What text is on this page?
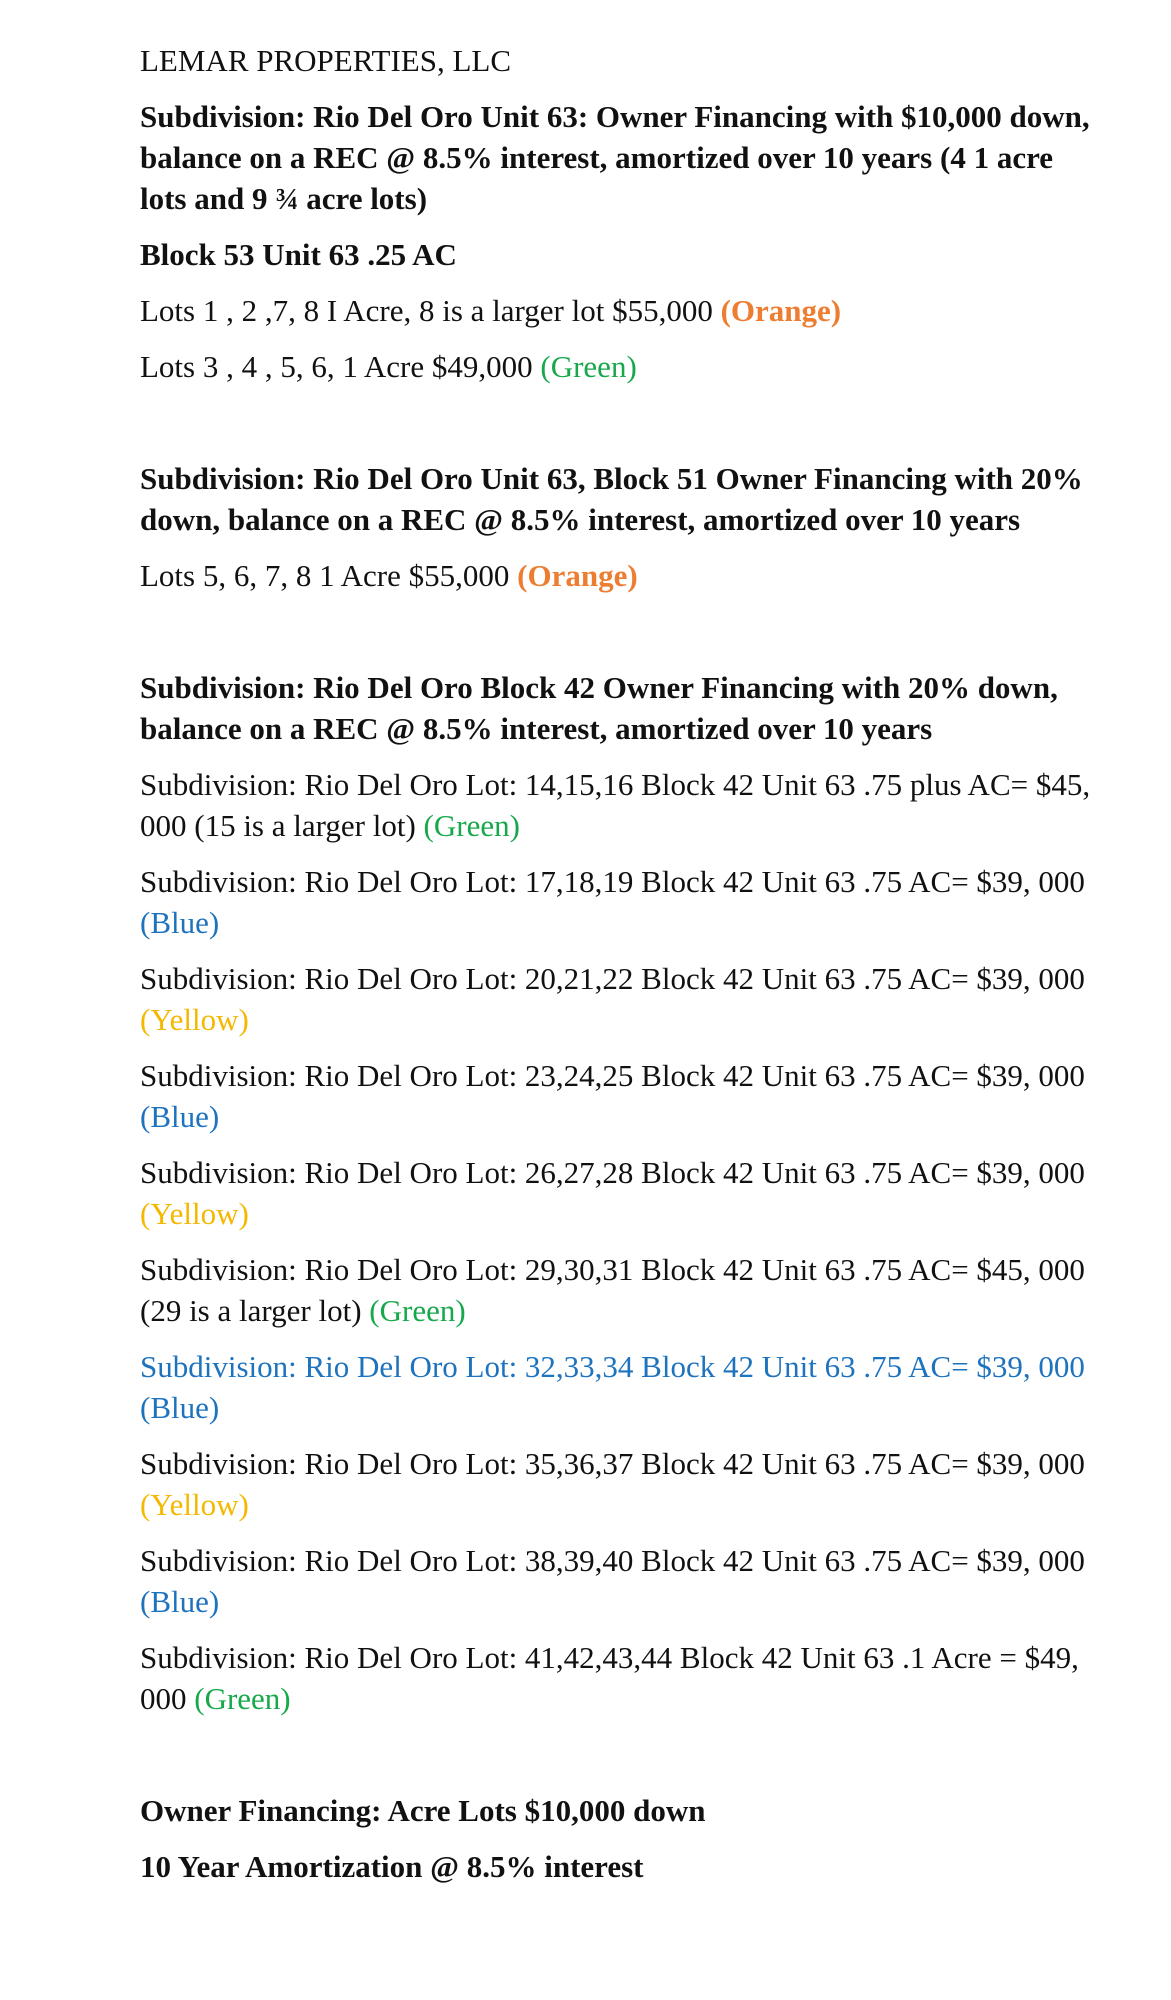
LEMAR PROPERTIES, LLC

Subdivision: Rio Del Oro Unit 63: Owner Financing with $10,000 down, balance on a REC @ 8.5% interest, amortized over 10 years (4 1 acre lots and 9 ¾ acre lots)

Block 53 Unit 63 .25 AC

Lots 1 , 2 ,7, 8 I Acre, 8 is a larger lot $55,000 (Orange)

Lots 3 , 4 , 5, 6, 1 Acre $49,000 (Green)

Subdivision: Rio Del Oro Unit 63, Block 51 Owner Financing with 20% down, balance on a REC @ 8.5% interest, amortized over 10 years

Lots 5, 6, 7, 8 1 Acre $55,000 (Orange)

Subdivision: Rio Del Oro Block 42 Owner Financing with 20% down, balance on a REC @ 8.5% interest, amortized over 10 years

Subdivision: Rio Del Oro Lot: 14,15,16 Block 42 Unit 63 .75 plus AC= $45, 000 (15 is a larger lot) (Green)

Subdivision: Rio Del Oro Lot: 17,18,19 Block 42 Unit 63 .75 AC= $39, 000 (Blue)

Subdivision: Rio Del Oro Lot: 20,21,22 Block 42 Unit 63 .75 AC= $39, 000 (Yellow)

Subdivision: Rio Del Oro Lot: 23,24,25 Block 42 Unit 63 .75 AC= $39, 000 (Blue)

Subdivision: Rio Del Oro Lot: 26,27,28 Block 42 Unit 63 .75 AC= $39, 000 (Yellow)

Subdivision: Rio Del Oro Lot: 29,30,31 Block 42 Unit 63 .75 AC= $45, 000 (29 is a larger lot) (Green)

Subdivision: Rio Del Oro Lot: 32,33,34 Block 42 Unit 63 .75 AC= $39, 000 (Blue)

Subdivision: Rio Del Oro Lot: 35,36,37 Block 42 Unit 63 .75 AC= $39, 000 (Yellow)

Subdivision: Rio Del Oro Lot: 38,39,40 Block 42 Unit 63 .75 AC= $39, 000 (Blue)

Subdivision: Rio Del Oro Lot: 41,42,43,44 Block 42 Unit 63 .1 Acre = $49, 000 (Green)

Owner Financing: Acre Lots $10,000 down

10 Year Amortization @ 8.5% interest
